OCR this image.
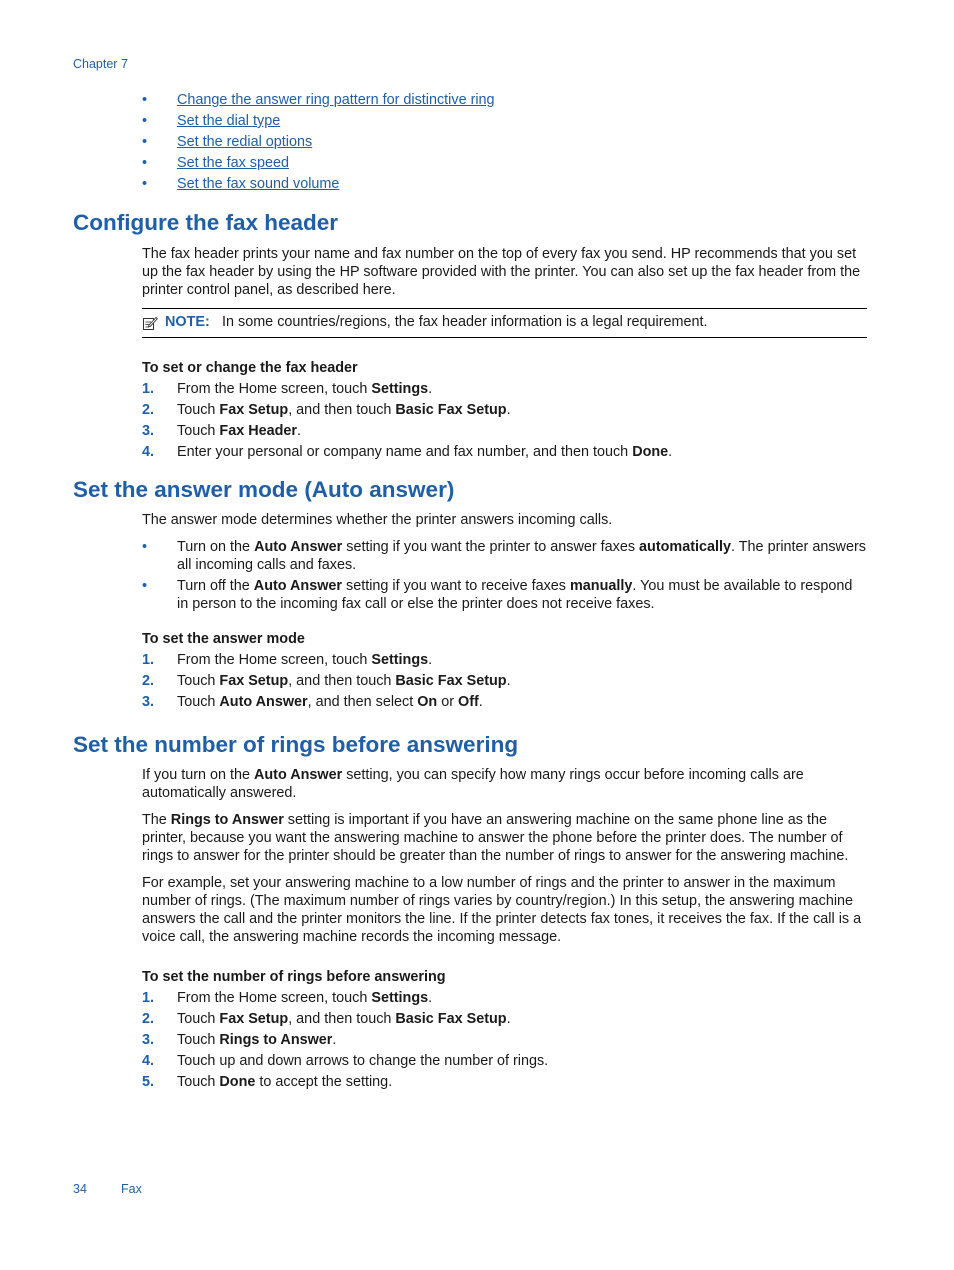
Chapter 7
• Change the answer ring pattern for distinctive ring
• Set the dial type
• Set the redial options
• Set the fax speed
• Set the fax sound volume
Configure the fax header

The fax header prints your name and fax number on the top of every fax you send. HP recommends that you set up the fax header by using the HP software provided with the printer. You can also set up the fax header from the printer control panel, as described here.

NOTE: In some countries/regions, the fax header information is a legal requirement.

To set or change the fax header

1. From the Home screen, touch Settings.
2. Touch Fax Setup, and then touch Basic Fax Setup.
3. Touch Fax Header.
4. Enter your personal or company name and fax number, and then touch Done.
Set the answer mode (Auto answer)

The answer mode determines whether the printer answers incoming calls.

• Turn on the Auto Answer setting if you want the printer to answer faxes automatically. The printer answers all incoming calls and faxes.
• Turn off the Auto Answer setting if you want to receive faxes manually. You must be available to respond in person to the incoming fax call or else the printer does not receive faxes.

To set the answer mode

1. From the Home screen, touch Settings.
2. Touch Fax Setup, and then touch Basic Fax Setup.
3. Touch Auto Answer, and then select On or Off.
Set the number of rings before answering

If you turn on the Auto Answer setting, you can specify how many rings occur before incoming calls are automatically answered.

The Rings to Answer setting is important if you have an answering machine on the same phone line as the printer, because you want the answering machine to answer the phone before the printer does. The number of rings to answer for the printer should be greater than the number of rings to answer for the answering machine.

For example, set your answering machine to a low number of rings and the printer to answer in the maximum number of rings. (The maximum number of rings varies by country/region.) In this setup, the answering machine answers the call and the printer monitors the line. If the printer detects fax tones, it receives the fax. If the call is a voice call, the answering machine records the incoming message.

To set the number of rings before answering

1. From the Home screen, touch Settings.
2. Touch Fax Setup, and then touch Basic Fax Setup.
3. Touch Rings to Answer.
4. Touch up and down arrows to change the number of rings.
5. Touch Done to accept the setting.
34	Fax
